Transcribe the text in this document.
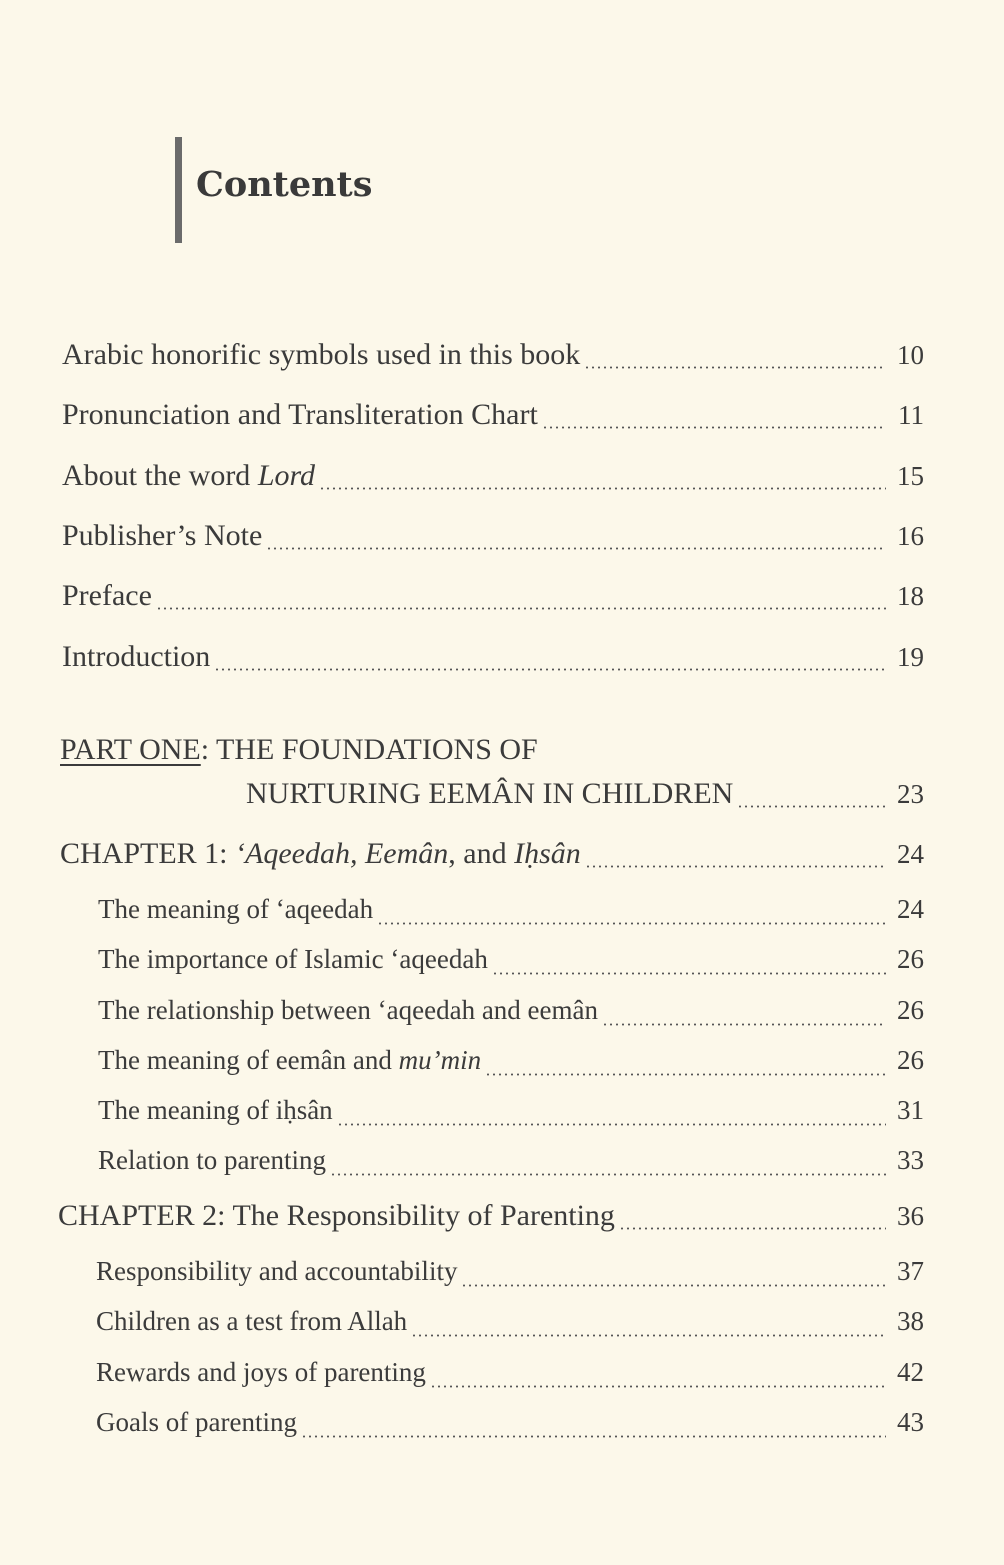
Contents
Arabic honorific symbols used in this book	10
Pronunciation and Transliteration Chart	11
About the word Lord	15
Publisher’s Note	16
Preface	18
Introduction	19
PART ONE: THE FOUNDATIONS OF
NURTURING EEMÂN IN CHILDREN	23
CHAPTER 1: ‘Aqeedah, Eemân, and Iḥsân	24
The meaning of ‘aqeedah	24
The importance of Islamic ‘aqeedah	26
The relationship between ‘aqeedah and eemân	26
The meaning of eemân and mu’min	26
The meaning of iḥsân	31
Relation to parenting	33
CHAPTER 2: The Responsibility of Parenting	36
Responsibility and accountability	37
Children as a test from Allah	38
Rewards and joys of parenting	42
Goals of parenting	43
